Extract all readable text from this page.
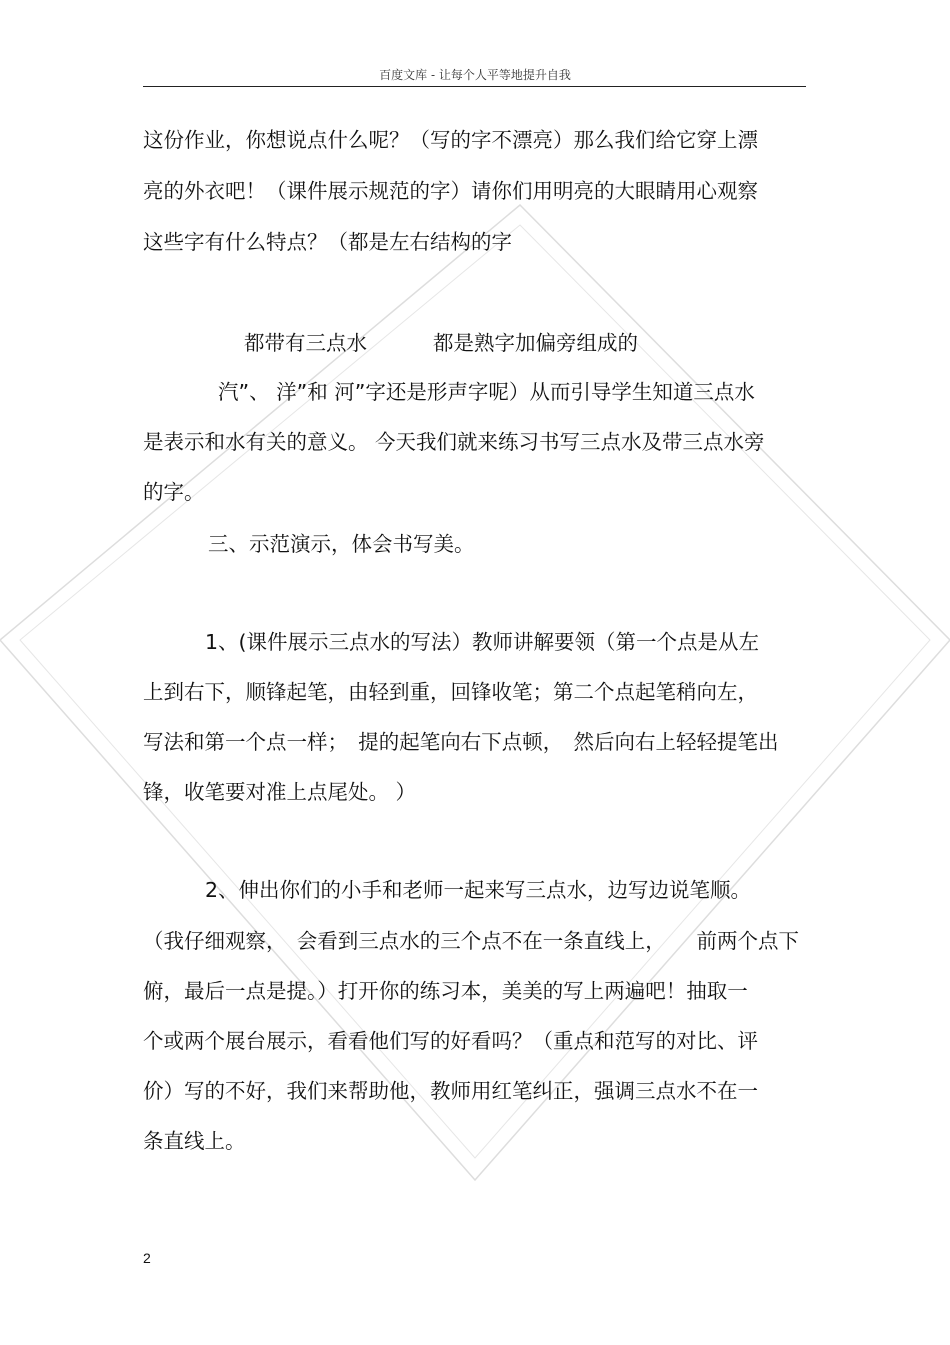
百度文库 - 让每个人平等地提升自我
这份作业，你想说点什么呢？（写的字不漂亮）那么我们给它穿上漂
亮的外衣吧！（课件展示规范的字）请你们用明亮的大眼睛用心观察
这些字有什么特点？（都是左右结构的字
都带有三点水	都是熟字加偏旁组成的
汽”、 洋”和 河”字还是形声字呢）从而引导学生知道三点水
是表示和水有关的意义。 今天我们就来练习书写三点水及带三点水旁
的字。
三、示范演示，体会书写美。
1、(课件展示三点水的写法）教师讲解要领（第一个点是从左
上到右下，顺锋起笔，由轻到重，回锋收笔；第二个点起笔稍向左，
写法和第一个点一样；　提的起笔向右下点顿，　然后向右上轻轻提笔出
锋，收笔要对准上点尾处。 ）
2、伸出你们的小手和老师一起来写三点水，边写边说笔顺。
（我仔细观察，　会看到三点水的三个点不在一条直线上，　　前两个点下
俯，最后一点是提。）打开你的练习本，美美的写上两遍吧！抽取一
个或两个展台展示，看看他们写的好看吗？（重点和范写的对比、评
价）写的不好，我们来帮助他，教师用红笔纠正，强调三点水不在一
条直线上。
2
